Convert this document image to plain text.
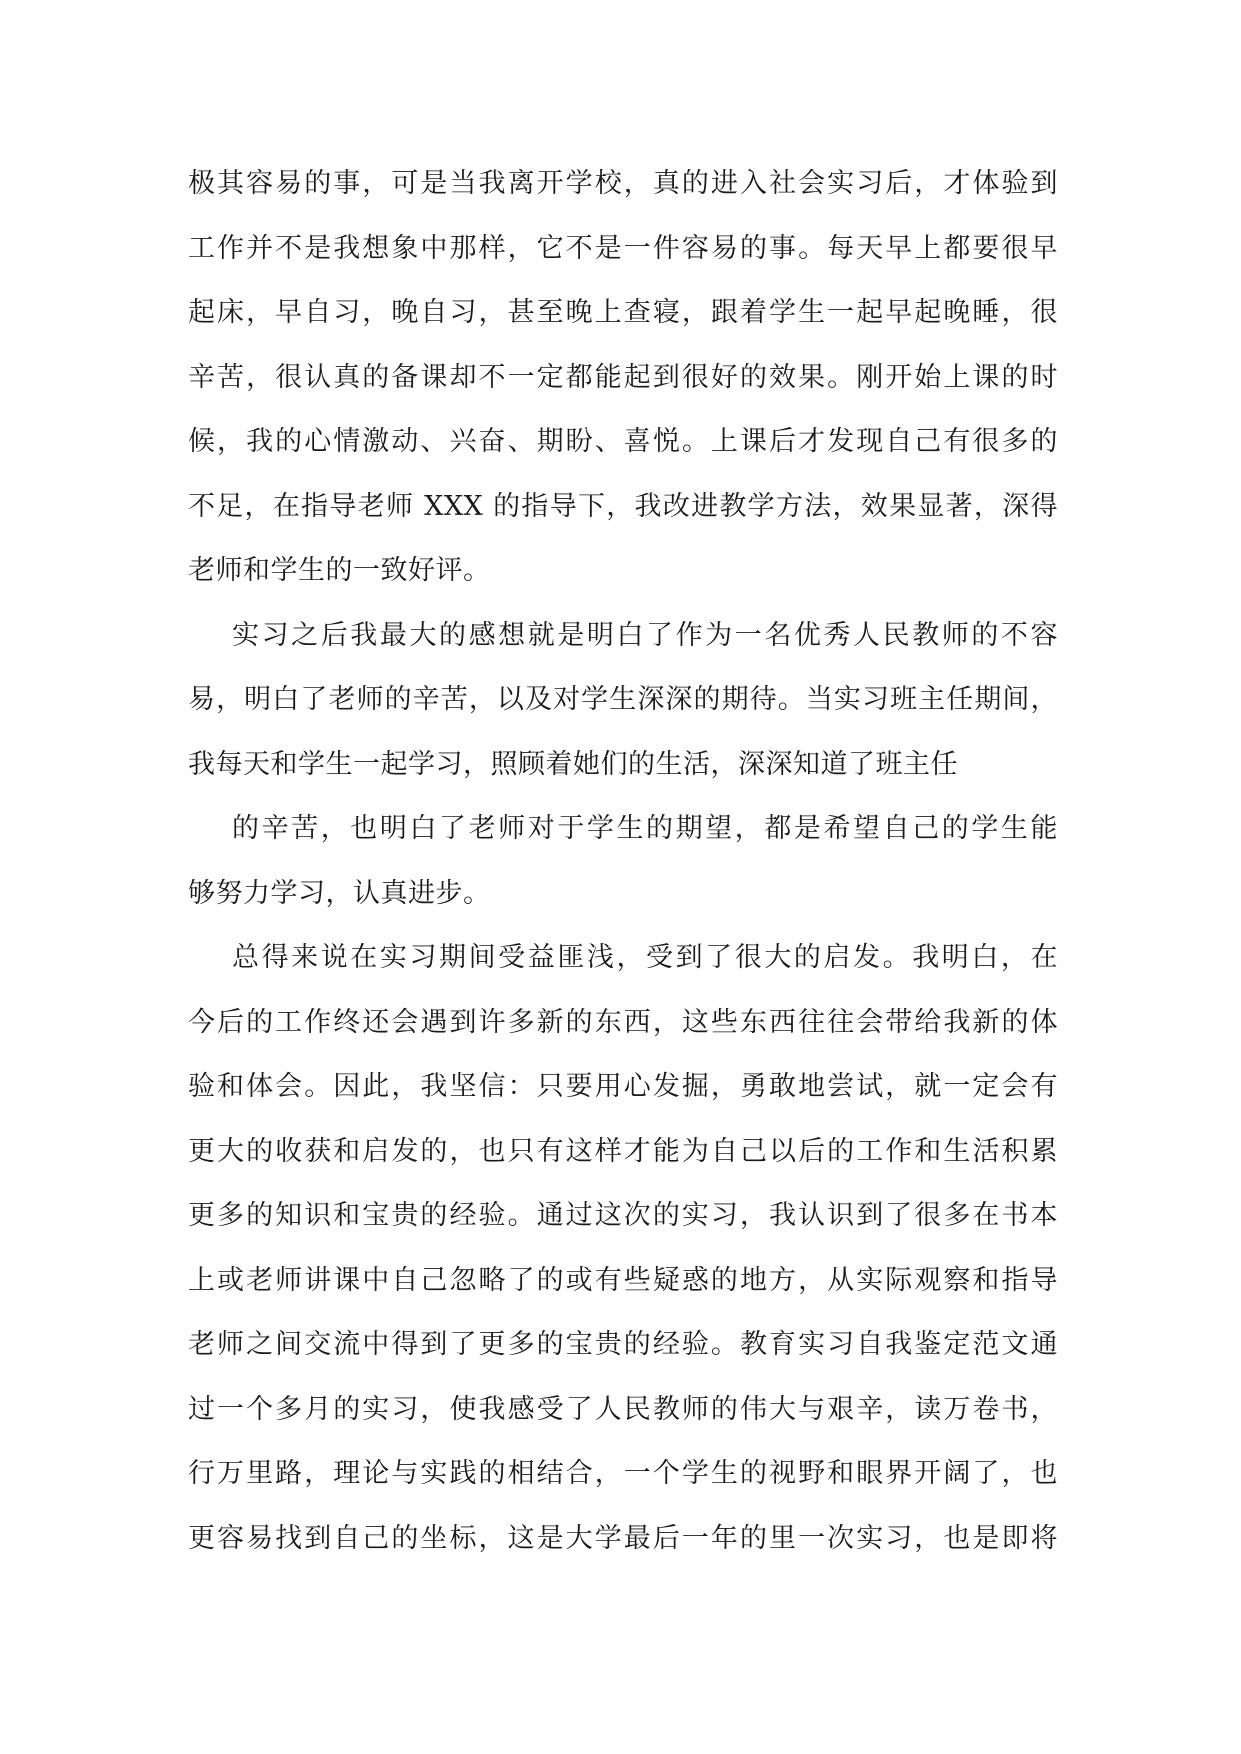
极其容易的事，可是当我离开学校，真的进入社会实习后，才体验到
工作并不是我想象中那样，它不是一件容易的事。每天早上都要很早
起床，早自习，晚自习，甚至晚上查寝，跟着学生一起早起晚睡，很
辛苦，很认真的备课却不一定都能起到很好的效果。刚开始上课的时
候，我的心情激动、兴奋、期盼、喜悦。上课后才发现自己有很多的
不足，在指导老师 XXX 的指导下，我改进教学方法，效果显著，深得
老师和学生的一致好评。
实习之后我最大的感想就是明白了作为一名优秀人民教师的不容
易，明白了老师的辛苦，以及对学生深深的期待。当实习班主任期间，
我每天和学生一起学习，照顾着她们的生活，深深知道了班主任
的辛苦，也明白了老师对于学生的期望，都是希望自己的学生能
够努力学习，认真进步。
总得来说在实习期间受益匪浅，受到了很大的启发。我明白，在
今后的工作终还会遇到许多新的东西，这些东西往往会带给我新的体
验和体会。因此，我坚信：只要用心发掘，勇敢地尝试，就一定会有
更大的收获和启发的，也只有这样才能为自己以后的工作和生活积累
更多的知识和宝贵的经验。通过这次的实习，我认识到了很多在书本
上或老师讲课中自己忽略了的或有些疑惑的地方，从实际观察和指导
老师之间交流中得到了更多的宝贵的经验。教育实习自我鉴定范文通
过一个多月的实习，使我感受了人民教师的伟大与艰辛，读万卷书，
行万里路，理论与实践的相结合，一个学生的视野和眼界开阔了，也
更容易找到自己的坐标，这是大学最后一年的里一次实习，也是即将
